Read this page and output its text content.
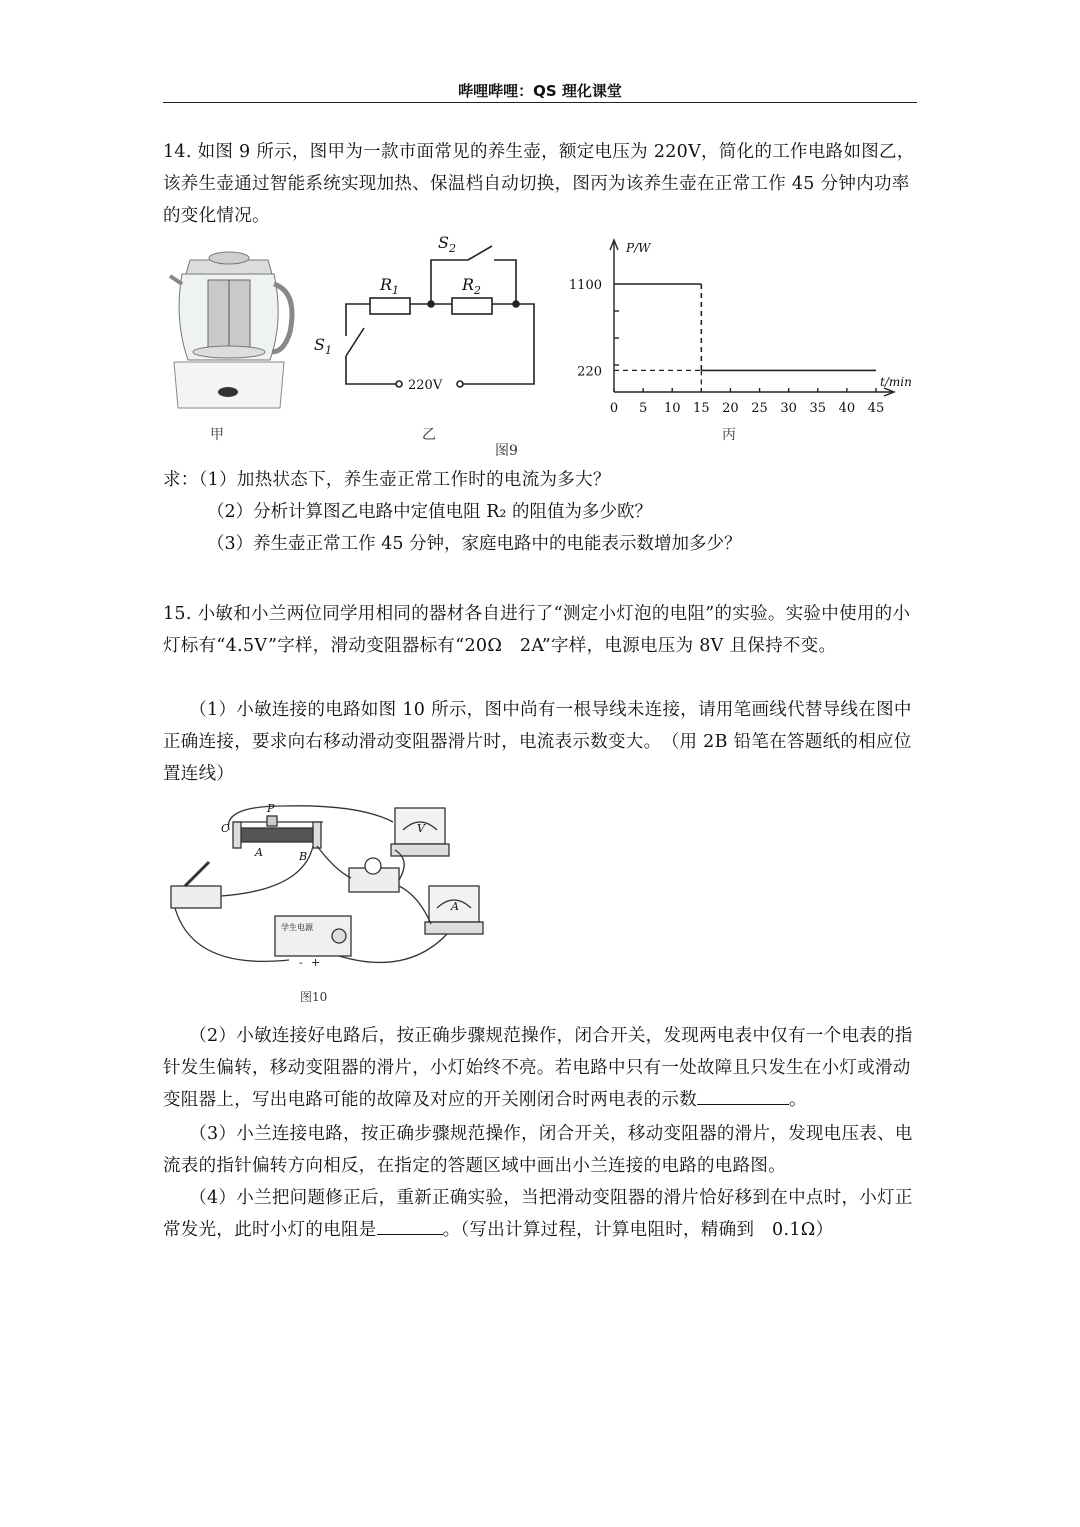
哔哩哔哩：QS 理化课堂

14. 如图 9 所示，图甲为一款市面常见的养生壶，额定电压为 220V，简化的工作电路如图乙，该养生壶通过智能系统实现加热、保温档自动切换，图丙为该养生壶在正常工作 45 分钟内功率的变化情况。

甲
$S_2$
$R_1$	$R_2$
$S_1$
220V
乙
图9
0 5 10 15 20 25 30 35 40 45
220
1100
P/W
t/min
丙

求：（1）加热状态下，养生壶正常工作时的电流为多大？

（2）分析计算图乙电路中定值电阻 R₂ 的阻值为多少欧？
（3）养生壶正常工作 45 分钟，家庭电路中的电能表示数增加多少？

15. 小敏和小兰两位同学用相同的器材各自进行了“测定小灯泡的电阻”的实验。实验中使用的小灯标有“4.5V”字样，滑动变阻器标有“20Ω　2A”字样，电源电压为 8V 且保持不变。

（1）小敏连接的电路如图 10 所示，图中尚有一根导线未连接，请用笔画线代替导线在图中正确连接，要求向右移动滑动变阻器滑片时，电流表示数变大。　（用 2B 铅笔在答题纸的相应位置连线）

C
P
A	B
V
A
学生电源
- +
图10

（2）小敏连接好电路后，按正确步骤规范操作，闭合开关，发现两电表中仅有一个电表的指针发生偏转，移动变阻器的滑片，小灯始终不亮。若电路中只有一处故障且只发生在小灯或滑动变阻器上，写出电路可能的故障及对应的开关刚闭合时两电表的示数	。

（3）小兰连接电路，按正确步骤规范操作，闭合开关，移动变阻器的滑片，发现电压表、电流表的指针偏转方向相反，在指定的答题区域中画出小兰连接的电路的电路图。

（4）小兰把问题修正后，重新正确实验，当把滑动变阻器的滑片恰好移到在中点时，小灯正常发光，此时小灯的电阻是	。（写出计算过程，计算电阻时，精确到　0.1Ω）
